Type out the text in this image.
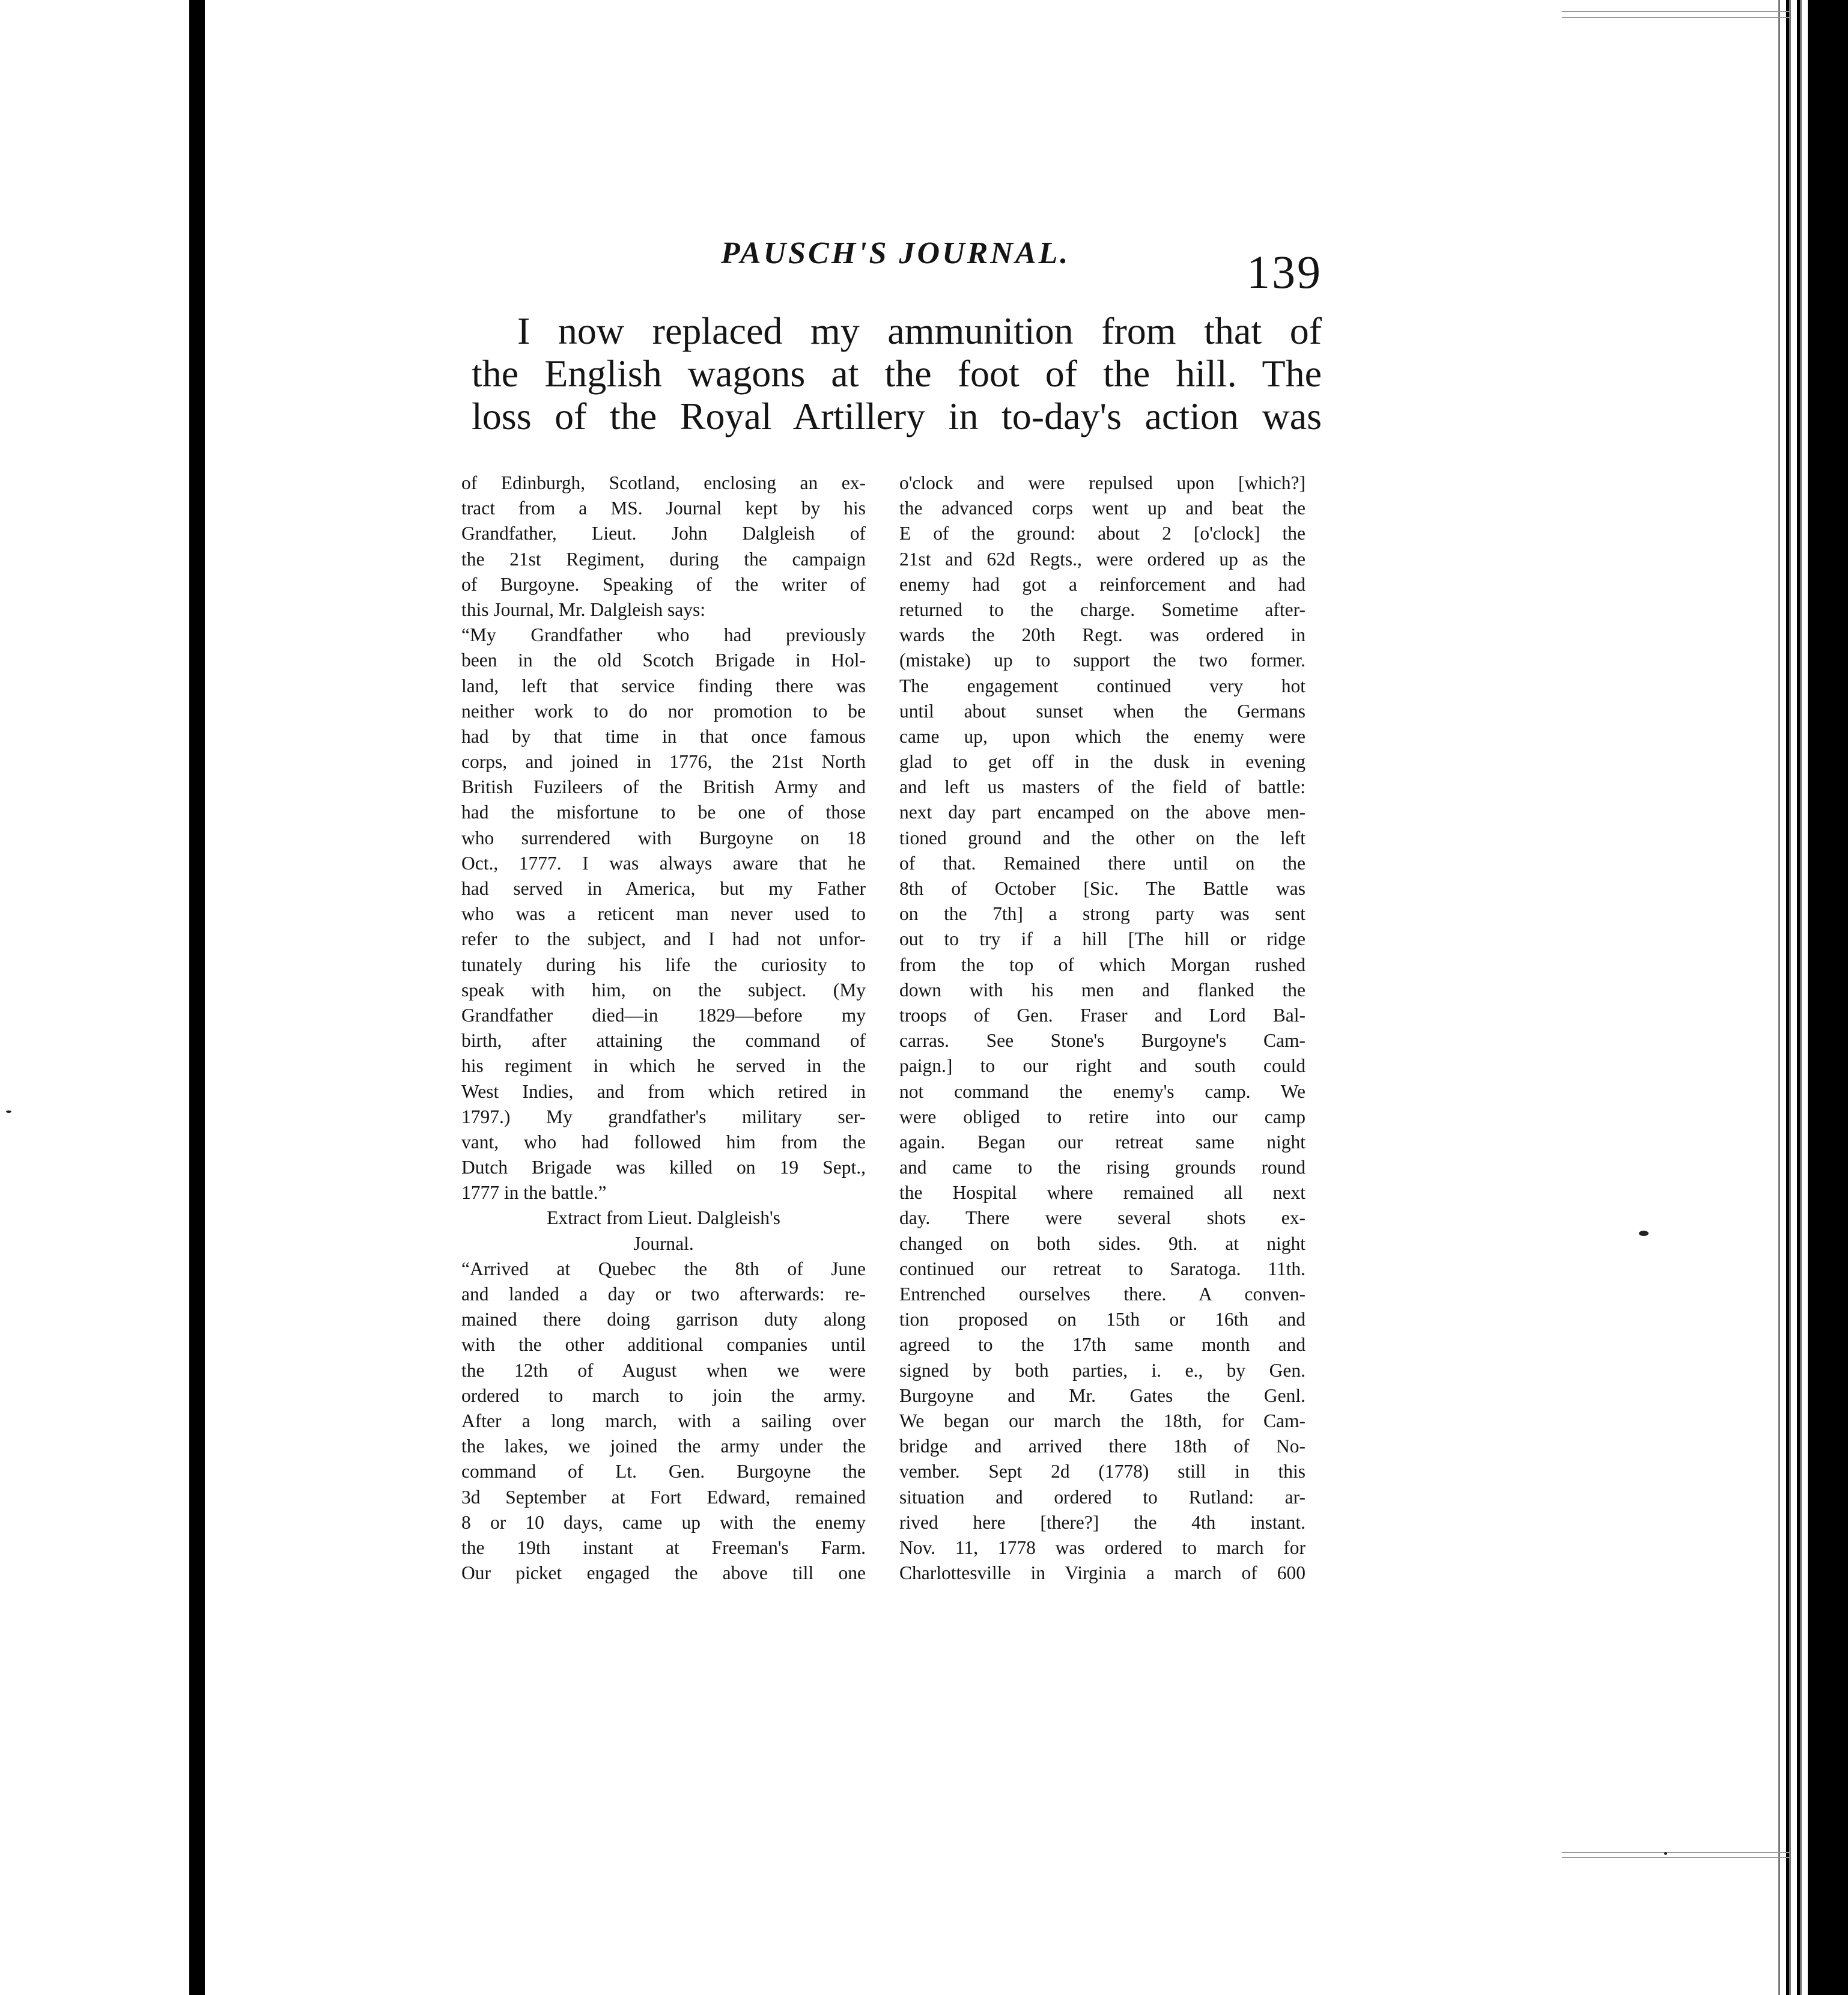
PAUSCH'S JOURNAL.	139
I now replaced my ammunition from that of
the English wagons at the foot of the hill. The
loss of the Royal Artillery in to-day's action was
of Edinburgh, Scotland, enclosing an ex-
tract from a MS. Journal kept by his
Grandfather, Lieut. John Dalgleish of
the 21st Regiment, during the campaign
of Burgoyne. Speaking of the writer of
this Journal, Mr. Dalgleish says:
“My Grandfather who had previously
been in the old Scotch Brigade in Hol-
land, left that service finding there was
neither work to do nor promotion to be
had by that time in that once famous
corps, and joined in 1776, the 21st North
British Fuzileers of the British Army and
had the misfortune to be one of those
who surrendered with Burgoyne on 18
Oct., 1777. I was always aware that he
had served in America, but my Father
who was a reticent man never used to
refer to the subject, and I had not unfor-
tunately during his life the curiosity to
speak with him, on the subject. (My
Grandfather died—in 1829—before my
birth, after attaining the command of
his regiment in which he served in the
West Indies, and from which retired in
1797.) My grandfather's military ser-
vant, who had followed him from the
Dutch Brigade was killed on 19 Sept.,
1777 in the battle.”
Extract from Lieut. Dalgleish's
Journal.
“Arrived at Quebec the 8th of June
and landed a day or two afterwards: re-
mained there doing garrison duty along
with the other additional companies until
the 12th of August when we were
ordered to march to join the army.
After a long march, with a sailing over
the lakes, we joined the army under the
command of Lt. Gen. Burgoyne the
3d September at Fort Edward, remained
8 or 10 days, came up with the enemy
the 19th instant at Freeman's Farm.
Our picket engaged the above till one
o'clock and were repulsed upon [which?]
the advanced corps went up and beat the
E of the ground: about 2 [o'clock] the
21st and 62d Regts., were ordered up as the
enemy had got a reinforcement and had
returned to the charge. Sometime after-
wards the 20th Regt. was ordered in
(mistake) up to support the two former.
The engagement continued very hot
until about sunset when the Germans
came up, upon which the enemy were
glad to get off in the dusk in evening
and left us masters of the field of battle:
next day part encamped on the above men-
tioned ground and the other on the left
of that. Remained there until on the
8th of October [Sic. The Battle was
on the 7th] a strong party was sent
out to try if a hill [The hill or ridge
from the top of which Morgan rushed
down with his men and flanked the
troops of Gen. Fraser and Lord Bal-
carras. See Stone's Burgoyne's Cam-
paign.] to our right and south could
not command the enemy's camp. We
were obliged to retire into our camp
again. Began our retreat same night
and came to the rising grounds round
the Hospital where remained all next
day. There were several shots ex-
changed on both sides. 9th. at night
continued our retreat to Saratoga. 11th.
Entrenched ourselves there. A conven-
tion proposed on 15th or 16th and
agreed to the 17th same month and
signed by both parties, i. e., by Gen.
Burgoyne and Mr. Gates the Genl.
We began our march the 18th, for Cam-
bridge and arrived there 18th of No-
vember. Sept 2d (1778) still in this
situation and ordered to Rutland: ar-
rived here [there?] the 4th instant.
Nov. 11, 1778 was ordered to march for
Charlottesville in Virginia a march of 600
